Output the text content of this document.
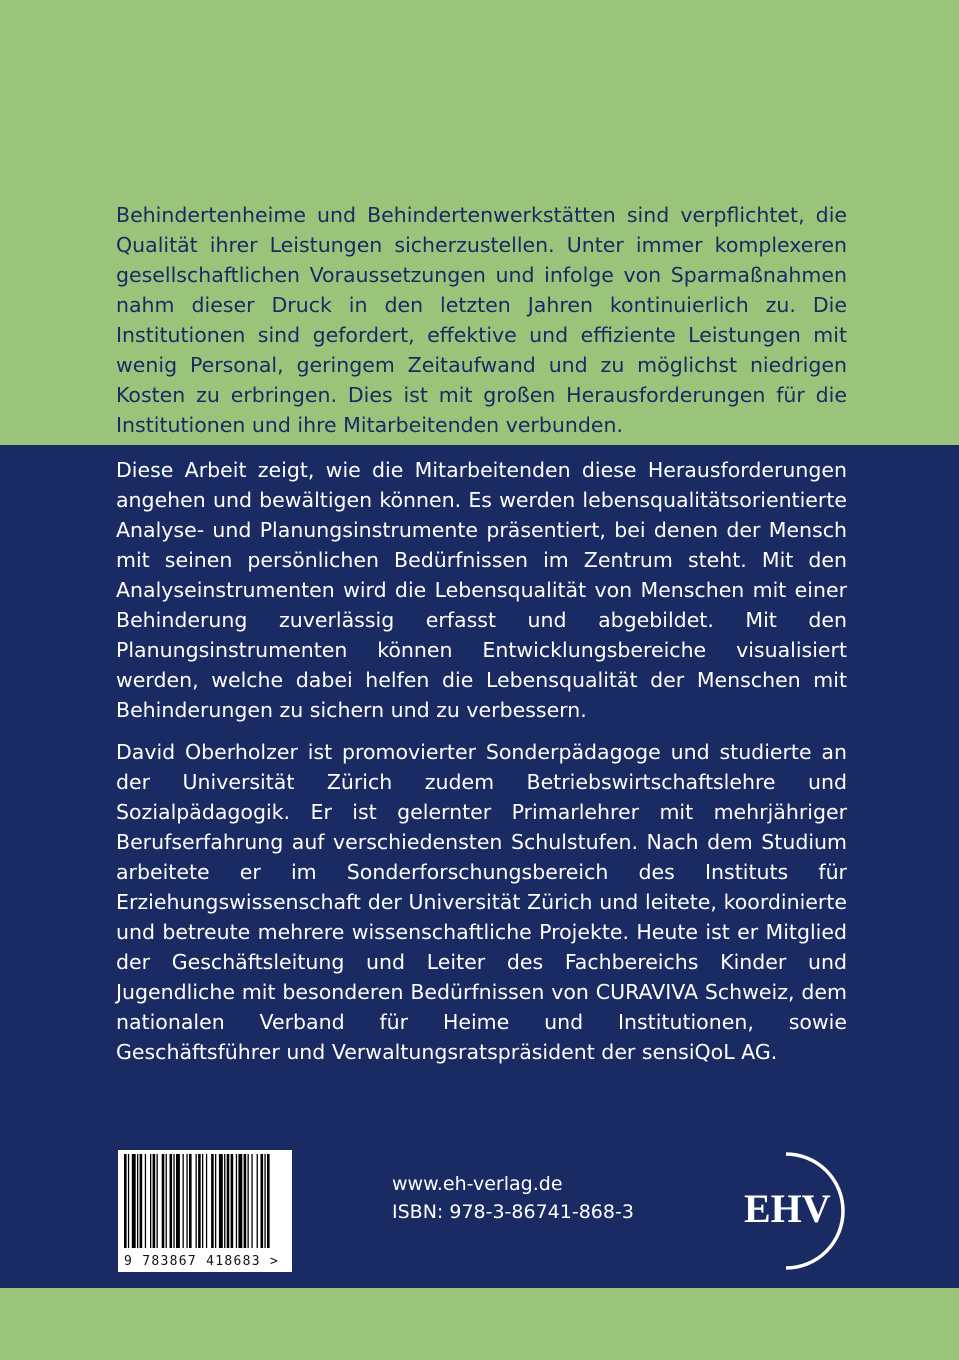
Behindertenheime und Behindertenwerkstätten sind verpflichtet, die Qualität ihrer Leistungen sicherzustellen. Unter immer komplexeren gesellschaftlichen Voraussetzungen und infolge von Sparmaßnahmen nahm dieser Druck in den letzten Jahren kontinuierlich zu. Die Institutionen sind gefordert, effektive und effiziente Leistungen mit wenig Personal, geringem Zeitaufwand und zu möglichst niedrigen Kosten zu erbringen. Dies ist mit großen Herausforderungen für die Institutionen und ihre Mitarbeitenden verbunden.

Diese Arbeit zeigt, wie die Mitarbeitenden diese Herausforderungen angehen und bewältigen können. Es werden lebensqualitätsorientierte Analyse- und Planungsinstrumente präsentiert, bei denen der Mensch mit seinen persönlichen Bedürfnissen im Zentrum steht. Mit den Analyseinstrumenten wird die Lebensqualität von Menschen mit einer Behinderung zuverlässig erfasst und abgebildet. Mit den Planungsinstrumenten können Entwicklungsbereiche visualisiert werden, welche dabei helfen die Lebensqualität der Menschen mit Behinderungen zu sichern und zu verbessern.

David Oberholzer ist promovierter Sonderpädagoge und studierte an der Universität Zürich zudem Betriebswirtschaftslehre und Sozialpädagogik. Er ist gelernter Primarlehrer mit mehrjähriger Berufserfahrung auf verschiedensten Schulstufen. Nach dem Studium arbeitete er im Sonderforschungsbereich des Instituts für Erziehungswissenschaft der Universität Zürich und leitete, koordinierte und betreute mehrere wissenschaftliche Projekte. Heute ist er Mitglied der Geschäftsleitung und Leiter des Fachbereichs Kinder und Jugendliche mit besonderen Bedürfnissen von CURAVIVA Schweiz, dem nationalen Verband für Heime und Institutionen, sowie Geschäftsführer und Verwaltungsratspräsident der sensiQoL AG.

9 783867 418683 >
www.eh-verlag.de
ISBN: 978-3-86741-868-3	EHV
